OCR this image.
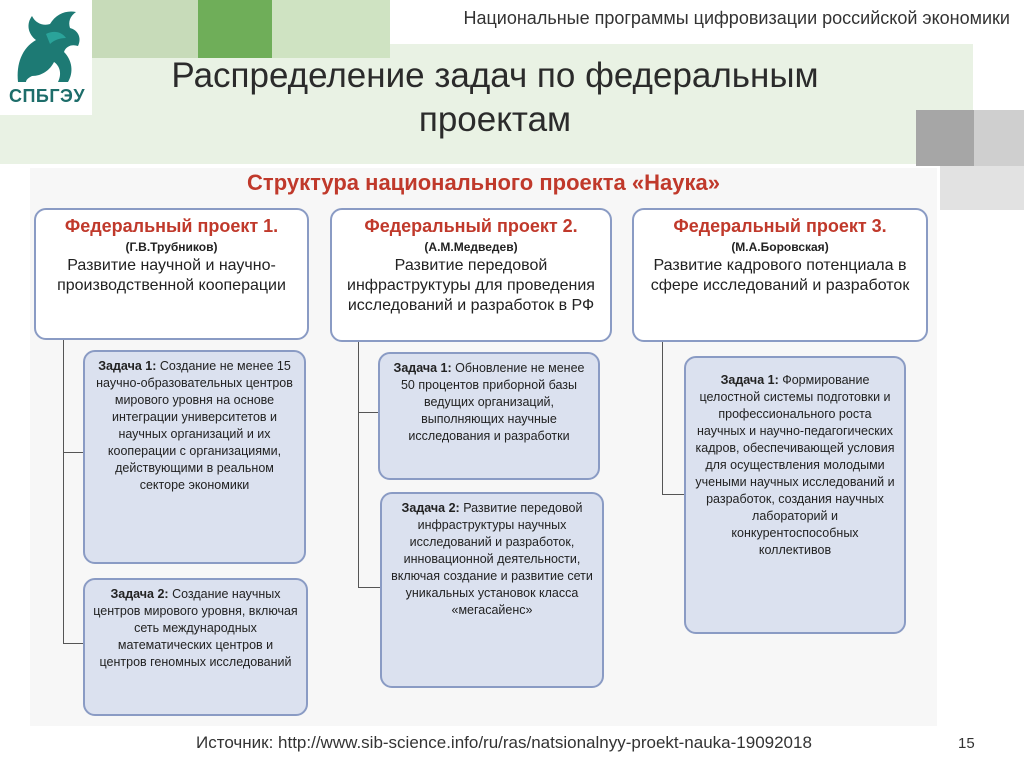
СПБГЭУ
Национальные программы цифровизации российской экономики
Распределение задач по федеральным проектам
Структура национального проекта «Наука»
Федеральный проект 1.
(Г.В.Трубников)
Развитие научной и научно-производственной кооперации
Федеральный проект 2.
(А.М.Медведев)
Развитие передовой инфраструктуры для проведения исследований и разработок в РФ
Федеральный проект 3.
(М.А.Боровская)
Развитие кадрового потенциала в сфере исследований и разработок
Задача 1: Создание не менее 15 научно-образовательных центров мирового уровня на основе интеграции университетов и научных организаций и их кооперации с организациями, действующими в реальном секторе экономики
Задача 2: Создание научных центров мирового уровня, включая сеть международных математических центров и центров геномных исследований
Задача 1: Обновление не менее 50 процентов приборной базы ведущих организаций, выполняющих научные исследования и разработки
Задача 2: Развитие передовой инфраструктуры научных исследований и разработок, инновационной деятельности, включая создание и развитие сети уникальных установок класса «мегасайенс»
Задача 1: Формирование целостной системы подготовки и профессионального роста научных и научно-педагогических кадров, обеспечивающей условия для осуществления молодыми учеными научных исследований и разработок, создания научных лабораторий и конкурентоспособных коллективов
Источник: http://www.sib-science.info/ru/ras/natsionalnyy-proekt-nauka-19092018	15
